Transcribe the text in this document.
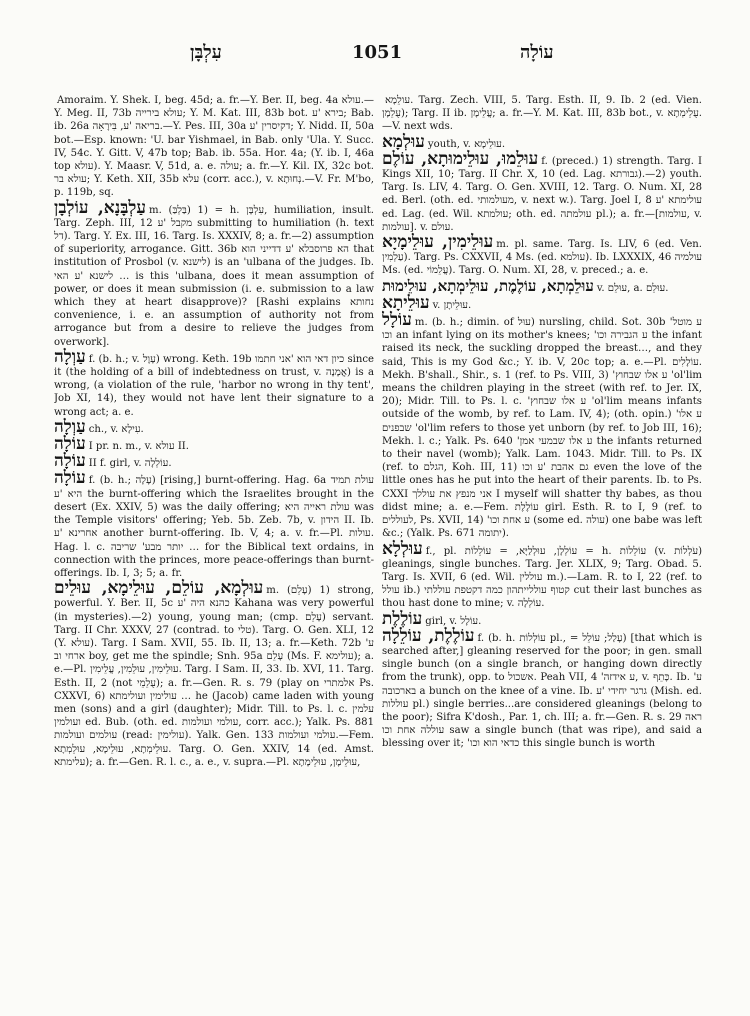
עִלְבָּן	1051	עוֹלָה

Amoraim. Y. Shek. I, beg. 45d; a. fr.—Y. Ber. II, beg. 4a עולא.—Y. Meg. II, 73b עולא בירייה; Y. M. Kat. III, 83b bot. בירא 'ע; Bab. ib. 26a בריאה 'ע, בִּירָאָה.—Y. Pes. III, 30a דקיסרין 'ע; Y. Nidd. II, 50a bot.—Esp. known: 'U. bar Yishmael, in Bab. only 'Ula. Y. Succ. IV, 54c. Y. Gitt. V, 47b top; Bab. ib. 55a. Hor. 4a; (Y. ib. I, 46a top עולא). Y. Maasr. V, 51d, a. e. עולה; a. fr.—Y. Kil. IX, 32c bot. עולא בר; Y. Keth. XII, 35b עלא (corr. acc.), v. נְחוּתָא.—V. Fr. M'bo, p. 119b, sq.

עַלְבָּנָא, עוֹלְבָן m. (בַּלְבַּ) 1) = h. עִלְבָּן, humiliation, insult. Targ. Zeph. III, 12 מקבל 'ע submitting to humiliation (h. text דל). Targ. Y. Ex. III, 16. Targ. Is. XXXIV, 8; a. fr.—2) assumption of superiority, arrogance. Gitt. 36b הא פרוסבלא 'ע דדייני הוא that institution of Prosbol (v. לישנא) is an 'ulbana of the judges. Ib. לישנא 'ע האי … is this 'ulbana, does it mean assumption of power, or does it mean submission (i. e. submission to a law which they at heart disapprove)? [Rashi explains נחותא convenience, i. e. an assumption of authority not from arrogance but from a desire to relieve the judges from overwork].

עַוְלָה f. (b. h.; v. עָוֶל) wrong. Keth. 19b כיון דאי הוא 'אני חתמו since it (the holding of a bill of indebtedness on trust, v. אֲמָנָה) is a wrong, (a violation of the rule, 'harbor no wrong in thy tent', Job XI, 14), they would not have lent their signature to a wrong act; a. e.

עַוְלָה ch., v. עִילָא.

עוֹלָה I pr. n. m., v. עולא II.

עוֹלָה II f. girl, v. עוֹלְלָה.

עוֹלָה f. (b. h.; עָלָה) [rising,] burnt-offering. Hag. 6a עולת תמיד היא 'ע the burnt-offering which the Israelites brought in the desert (Ex. XXIV, 5) was the daily offering; עולת ראייה היא was the Temple visitors' offering; Yeb. 5b. Zeb. 7b, v. הידון II. Ib. אחרינא 'ע another burnt-offering. Ib. V, 4; a. v. fr.—Pl. עולות. Hag. l. c. יותר מבע' שריבה … for the Biblical text ordains, in connection with the princes, more peace-offerings than burnt-offerings. Ib. I, 3; 5; a. fr.

עוּלְמָא, עוֹלֵם, עוּלֵימָא, עוּלֵים m. (עָלֵם) 1) strong, powerful. Y. Ber. II, 5c כהנא היה 'ע Kahana was very powerful (in mysteries).—2) young, young man; (cmp. עָלֵם) servant. Targ. II Chr. XXXV, 27 (contrad. to טלי). Targ. O. Gen. XLI, 12 (Y. עולא). Targ. I Sam. XVII, 55. Ib. II, 13; a. fr.—Keth. 72b 'ע ארחי וב boy, get me the spindle; Snh. 95a עָלֵם (Ms. F. עולימא); a. e.—Pl. עוּלֵימִין, עוּלֵמִין, עֲלֵימִין. Targ. I Sam. II, 33. Ib. XVI, 11. Targ. Esth. II, 2 (not עֻלֵמֵי); a. fr.—Gen. R. s. 79 (play on אלמתרי Ps. CXXVI, 6) עולימין ועולימתא … he (Jacob) came laden with young men (sons) and a girl (daughter); Midr. Till. to Ps. l. c. עלמין ועולמין ed. Bub. (oth. ed. עולמי ועולמות, corr. acc.); Yalk. Ps. 881 עולמים ועולמות (read: עולימין). Yalk. Gen. 133 עולמי ועולמות.—Fem. עוּלֵימְתָא, עוּלֵימָא, עוּלֵמְתָא. Targ. O. Gen. XXIV, 14 (ed. Amst. עלימתא); a. fr.—Gen. R. l. c., a. e., v. supra.—Pl. עוּלֵימָן, עוּלֵימָתָא,

עולֵמָא. Targ. Zech. VIII, 5. Targ. Esth. II, 9. Ib. 2 (ed. Vien. עֻלֵמָן); Targ. II ib. עֲלֵימָן; a. fr.—Y. M. Kat. III, 83b bot., v. עֻלֵימְתָא.—V. next wds.

עוּלְמָא youth, v. עוּלֵימָא.

עוּלֵמוּ, עוּלֵימוּתָא, עוֹלֶם f. (preced.) 1) strength. Targ. I Kings XII, 10; Targ. II Chr. X, 10 (ed. Lag. גבורתא).—2) youth. Targ. Is. LIV, 4. Targ. O. Gen. XVIII, 12. Targ. O. Num. XI, 28 ed. Berl. (oth. ed. מעולמותי, v. next w.). Targ. Joel I, 8 עולימתא 'ע ed. Lag. (ed. Wil. עולמתא; oth. ed. עולמתה pl.); a. fr.—[עולמות, v. עולמות]. v. עולם.

עוּלֵימִין, עוּלֵימָיָא m. pl. same. Targ. Is. LIV, 6 (ed. Ven. עַלְמִין). Targ. Ps. CXXVII, 4 Ms. (ed. עולמא). Ib. LXXXIX, 46 עולמיה Ms. (ed. עֲלֵמוֹי). Targ. O. Num. XI, 28, v. preced.; a. e.

עוּלֵמְתָא, עוֹלֶמֶת, עוּלֵימְתָא, עוּלֵימוּת v. עוּלֵם, a. עוּלֵם.

עוּלֵיתָא v. עוּלֵיתָן.

עוֹלָל m. (b. h.; dimin. of עוּל) nursling, child. Sot. 30b 'ע מוטל וכו an infant lying on its mother's knees; 'ע הגבירה וכו the infant raised its neck, the suckling dropped the breast…, and they said, This is my God &c.; Y. ib. V, 20c top; a. e.—Pl. עוֹלָלִים. Mekh. B'shall., Shir., s. 1 (ref. to Ps. VIII, 3) 'ע אלו שבחוץ 'ol'lim means the children playing in the street (with ref. to Jer. IX, 20); Midr. Till. to Ps. l. c. 'ע אלו שבחוץ 'ol'lim means infants outside of the womb, by ref. to Lam. IV, 4); (oth. opin.) 'ע אלו שבפנים 'ol'lim refers to those yet unborn (by ref. to Job III, 16); Mekh. l. c.; Yalk. Ps. 640 'ע אלו שבמעי אמן the infants returned to their navel (womb); Yalk. Lam. 1043. Midr. Till. to Ps. IX (ref. to הגלם, Koh. III, 11) גם אהבת 'ע וכו even the love of the little ones has he put into the heart of their parents. Ib. to Ps. CXXI אני מנפץ את עוללך I myself will shatter thy babes, as thou didst mine; a. e.—Fem. עוֹלֶלֶת girl. Esth. R. to I, 9 (ref. to לעוללים, Ps. XVII, 14) 'ע אחת וכו (some ed. עולה) one babe was left &c.; (Yalk. Ps. 671 יתומה).

עוּלְלָא f., pl. עוֹלְלָן, עוּלְלַיָּא, = עוֹלֵלוֹת = h. עוֹלֵלוֹת (v. עֹלְלוֹת) gleanings, single bunches. Targ. Jer. XLIX, 9; Targ. Obad. 5. Targ. Is. XVII, 6 (ed. Wil. עוללין m.).—Lam. R. to I, 22 (ref. to עולל ib.) קטוף עוללייתהון כמה דקטפת עוללתי cut their last bunches as thou hast done to mine; v. עוֹלְלָה.

עוֹלֶלֶת girl, v. עוֹלָל.

עוֹלֶלֶת, עוֹלֵלָה f. (b. h. עוֹלְלוֹת pl., = עָלַל; עוֹלֵל) [that which is searched after,] gleaning reserved for the poor; in gen. small single bunch (on a single branch, or hanging down directly from the trunk), opp. to אשכול. Peah VII, 4 'ע אידזה, v. כָּתֵף. Ib. 'ע בארכובה a bunch on the knee of a vine. Ib. גרגר יחידי 'ע (Mish. ed. עוללות pl.) single berries...are considered gleanings (belong to the poor); Sifra K'dosh., Par. 1, ch. III; a. fr.—Gen. R. s. 29 ראה עוללה אחת וכו saw a single bunch (that was ripe), and said a blessing over it; 'כדאי הוא וכו this single bunch is worth
